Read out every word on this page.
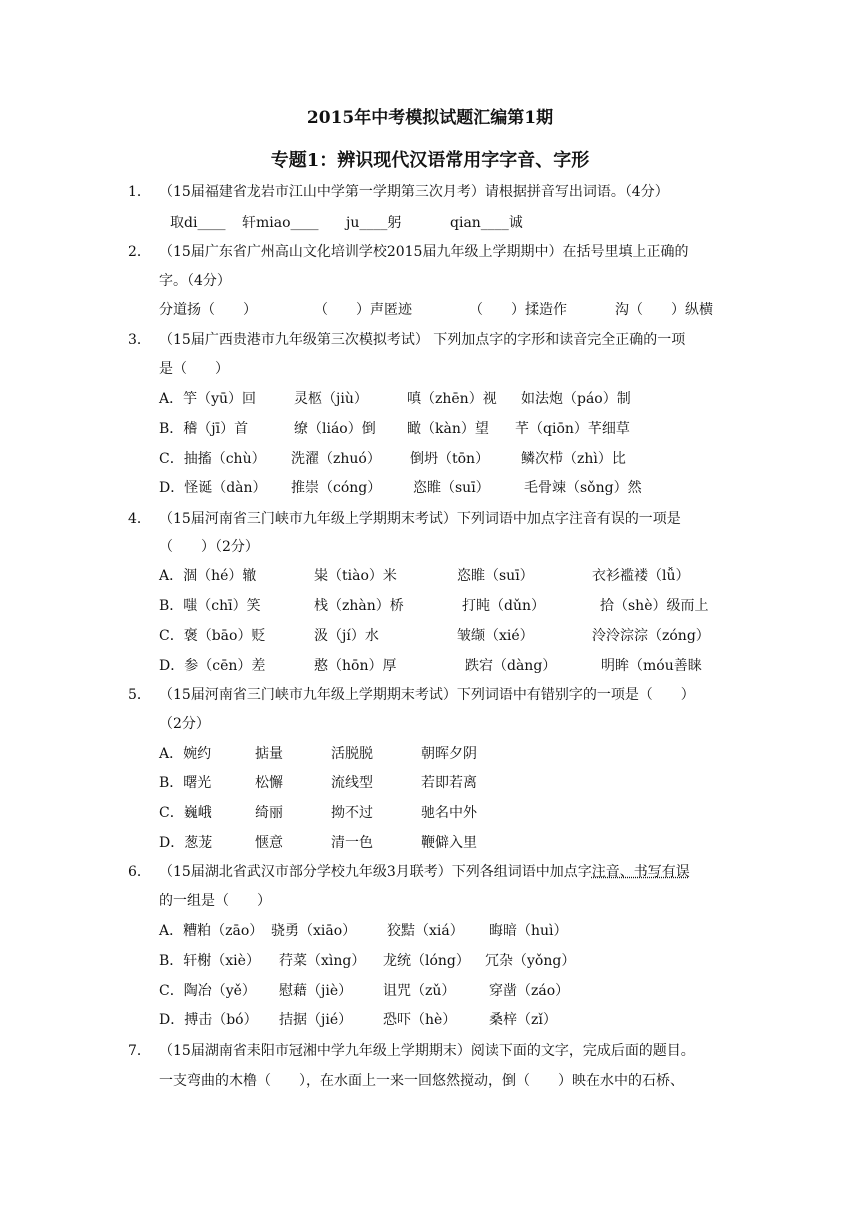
2015年中考模拟试题汇编第1期
专题1：辨识现代汉语常用字字音、字形
1． （15届福建省龙岩市江山中学第一学期第三次月考）请根据拼音写出词语。（4分）
取di____ 轩miao____ ju____躬	qian____诚
2． （15届广东省广州高山文化培训学校2015届九年级上学期期中）在括号里填上正确的
字。（4分）
分道扬（　　）	（　　）声匿迹	（　　）揉造作	沟（　　）纵横
3． （15届广西贵港市九年级第三次模拟考试） 下列加点字的字形和读音完全正确的一项
是（　　）
A．竽（yū）回	灵柩（jiù）	嗔（zhēn）视 如法炮（páo）制
B．稽（jī）首	缭（liáo）倒 瞰（kàn）望 芊（qiōn）芊细草
C．抽搐（chù） 洗濯（zhuó） 倒坍（tōn） 鳞次栉（zhì）比
D．怪诞（dàn） 推崇（cóng） 恣睢（suī） 毛骨竦（sǒng）然
4． （15届河南省三门峡市九年级上学期期末考试）下列词语中加点字注音有误的一项是
（　　）（2分）
A．涸（hé）辙	粜（tiào）米	恣睢（suī）	衣衫褴褛（lǚ）
B．嗤（chī）笑	栈（zhàn）桥	打盹（dǔn）	拾（shè）级而上
C．褒（bāo）贬	汲（jí）水	皱缬（xié）	泠泠淙淙（zóng）
D．参（cēn）差	憨（hōn）厚	跌宕（dàng）	明眸（móu善睐
5． （15届河南省三门峡市九年级上学期期末考试）下列词语中有错别字的一项是（　　）
（2分）
A．婉约	掂量	活脱脱	朝晖夕阴
B．曙光	松懈	流线型	若即若离
C．巍峨	绮丽	拗不过	驰名中外
D．葱茏	惬意	清一色	鞭僻入里
6． （15届湖北省武汉市部分学校九年级3月联考）下列各组词语中加点字注音、书写有误
的一组是（　　）
A．糟粕（zāo） 骁勇（xiāo） 狡黠（xiá） 晦暗（huì）
B．轩榭（xiè） 荇菜（xìng） 龙统（lóng） 冗杂（yǒng）
C．陶冶（yě） 慰藉（jiè） 诅咒（zǔ） 穿凿（záo）
D．搏击（bó） 拮据（jié） 恐吓（hè） 桑梓（zǐ）
7． （15届湖南省耒阳市冠湘中学九年级上学期期末）阅读下面的文字，完成后面的题目。
一支弯曲的木橹（　　），在水面上一来一回悠然搅动，倒（　　）映在水中的石桥、
